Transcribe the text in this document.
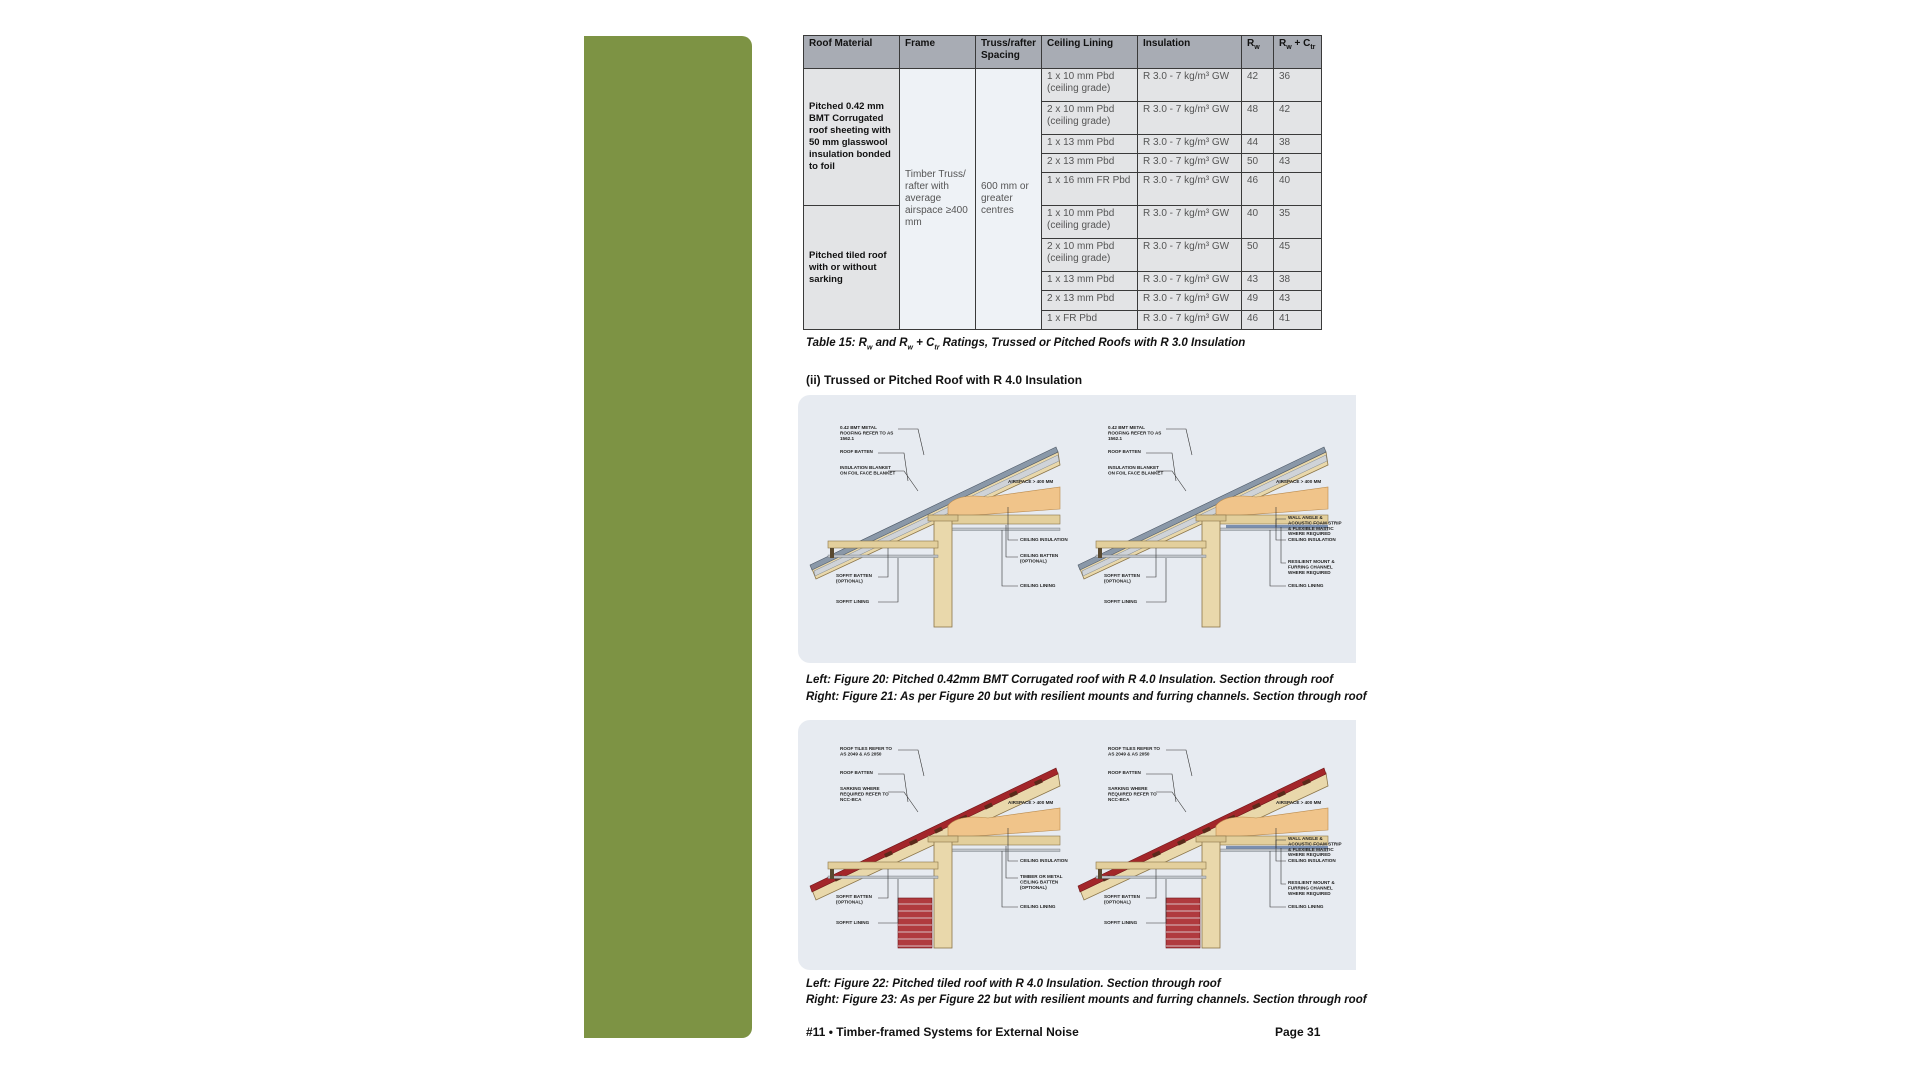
Roof Material	Frame	Truss/rafter Spacing	Ceiling Lining	Insulation	$R_w$	$R_w + C_{tr}$
Pitched 0.42 mm BMT Corrugated roof sheeting with 50 mm glasswool insulation bonded to foil	Timber Truss/ rafter with average airspace ≥400 mm	600 mm or greater centres	1 x 10 mm Pbd (ceiling grade)	R 3.0 - 7 kg/m³ GW	42	36
			2 x 10 mm Pbd (ceiling grade)	R 3.0 - 7 kg/m³ GW	48	42
			1 x 13 mm Pbd	R 3.0 - 7 kg/m³ GW	44	38
			2 x 13 mm Pbd	R 3.0 - 7 kg/m³ GW	50	43
			1 x 16 mm FR Pbd	R 3.0 - 7 kg/m³ GW	46	40
Pitched tiled roof with or without sarking			1 x 10 mm Pbd (ceiling grade)	R 3.0 - 7 kg/m³ GW	40	35
			2 x 10 mm Pbd (ceiling grade)	R 3.0 - 7 kg/m³ GW	50	45
			1 x 13 mm Pbd	R 3.0 - 7 kg/m³ GW	43	38
			2 x 13 mm Pbd	R 3.0 - 7 kg/m³ GW	49	43
			1 x FR Pbd	R 3.0 - 7 kg/m³ GW	46	41
Table 15: $R_w$ and $R_w + C_{tr}$ Ratings, Trussed or Pitched Roofs with R 3.0 Insulation
(ii) Trussed or Pitched Roof with R 4.0 Insulation
0.42 BMT METAL ROOFING REFER TO AS 1562.1
ROOF BATTEN
INSULATION BLANKET ON FOIL FACE BLANKET
AIRSPACE > 400 MM
CEILING INSULATION
CEILING BATTEN (OPTIONAL)
CEILING LINING
SOFFIT BATTEN (OPTIONAL)
SOFFIT LINING
0.42 BMT METAL ROOFING REFER TO AS 1562.1
ROOF BATTEN
INSULATION BLANKET ON FOIL FACE BLANKET
AIRSPACE > 400 MM
CEILING INSULATION
WALL ANGLE & ACOUSTIC FOAM STRIP & FLEXIBLE MASTIC WHERE REQUIRED
RESILIENT MOUNT & FURRING CHANNEL WHERE REQUIRED
CEILING LINING
SOFFIT BATTEN (OPTIONAL)
SOFFIT LINING
Left: Figure 20: Pitched 0.42mm BMT Corrugated roof with R 4.0 Insulation. Section through roof
Right: Figure 21: As per Figure 20 but with resilient mounts and furring channels. Section through roof
ROOF TILES REFER TO AS 2049 & AS 2050
ROOF BATTEN
SARKING WHERE REQUIRED REFER TO NCC-BCA
AIRSPACE > 400 MM
CEILING INSULATION
TIMBER OR METAL CEILING BATTEN (OPTIONAL)
CEILING LINING
SOFFIT BATTEN (OPTIONAL)
SOFFIT LINING
ROOF TILES REFER TO AS 2049 & AS 2050
ROOF BATTEN
SARKING WHERE REQUIRED REFER TO NCC-BCA
AIRSPACE > 400 MM
CEILING INSULATION
WALL ANGLE & ACOUSTIC FOAM STRIP & FLEXIBLE MASTIC WHERE REQUIRED
RESILIENT MOUNT & FURRING CHANNEL WHERE REQUIRED
CEILING LINING
SOFFIT BATTEN (OPTIONAL)
SOFFIT LINING
Left: Figure 22: Pitched tiled roof with R 4.0 Insulation. Section through roof
Right: Figure 23: As per Figure 22 but with resilient mounts and furring channels. Section through roof
#11 • Timber-framed Systems for External Noise	Page 31
